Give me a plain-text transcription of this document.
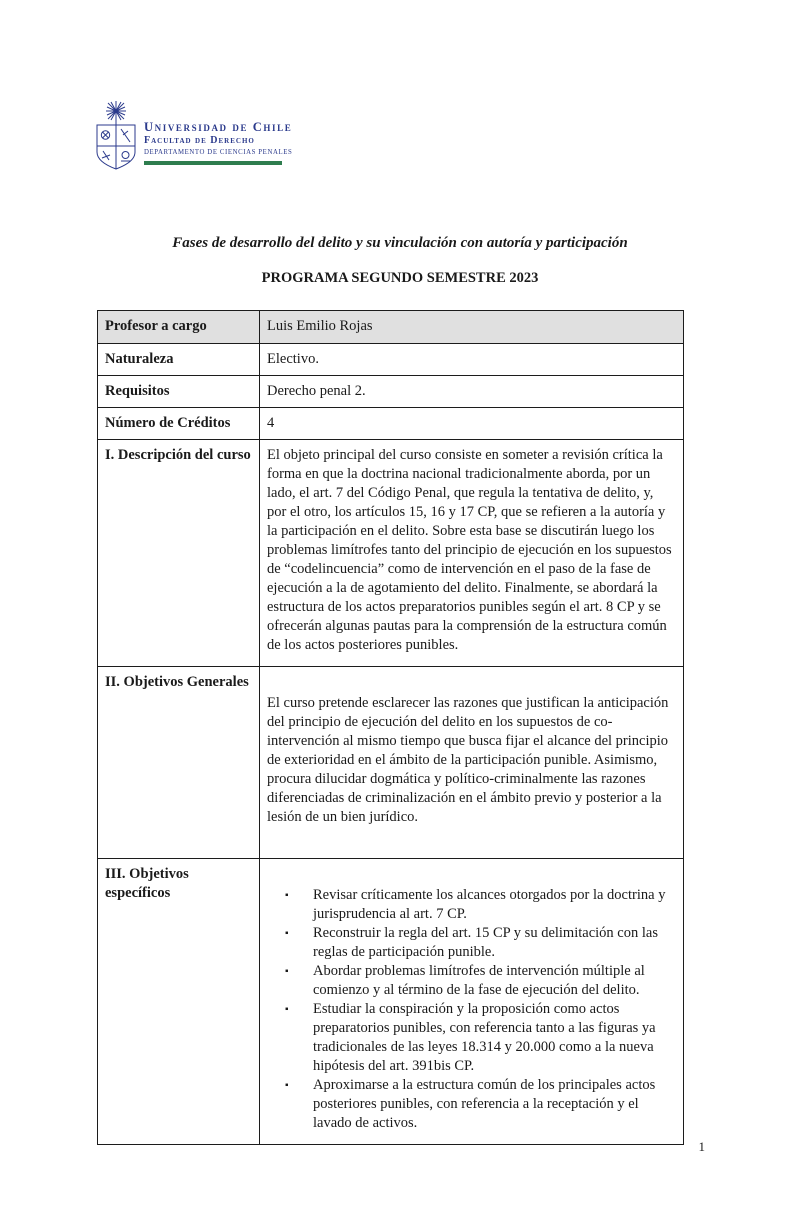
Universidad de Chile
Facultad de Derecho
DEPARTAMENTO DE CIENCIAS PENALES
Fases de desarrollo del delito y su vinculación con autoría y participación
PROGRAMA SEGUNDO SEMESTRE 2023
Profesor a cargo	Luis Emilio Rojas
Naturaleza	Electivo.
Requisitos	Derecho penal 2.
Número de Créditos	4
I. Descripción del curso	El objeto principal del curso consiste en someter a revisión crítica la forma en que la doctrina nacional tradicionalmente aborda, por un lado, el art. 7 del Código Penal, que regula la tentativa de delito, y, por el otro, los artículos 15, 16 y 17 CP, que se refieren a la autoría y la participación en el delito. Sobre esta base se discutirán luego los problemas limítrofes tanto del principio de ejecución en los supuestos de “codelincuencia” como de intervención en el paso de la fase de ejecución a la de agotamiento del delito. Finalmente, se abordará la estructura de los actos preparatorios punibles según el art. 8 CP y se ofrecerán algunas pautas para la comprensión de la estructura común de los actos posteriores punibles.
II. Objetivos Generales	El curso pretende esclarecer las razones que justifican la anticipación del principio de ejecución del delito en los supuestos de co-intervención al mismo tiempo que busca fijar el alcance del principio de exterioridad en el ámbito de la participación punible. Asimismo, procura dilucidar dogmática y político-criminalmente las razones diferenciadas de criminalización en el ámbito previo y posterior a la lesión de un bien jurídico.
III. Objetivos específicos	
▪Revisar críticamente los alcances otorgados por la doctrina y jurisprudencia al art. 7 CP.
▪ Reconstruir la regla del art. 15 CP y su delimitación con las reglas de participación punible.
▪ Abordar problemas limítrofes de intervención múltiple al comienzo y al término de la fase de ejecución del delito.
▪ Estudiar la conspiración y la proposición como actos preparatorios punibles, con referencia tanto a las figuras ya tradicionales de las leyes 18.314 y 20.000 como a la nueva hipótesis del art. 391bis CP.
▪ Aproximarse a la estructura común de los principales actos posteriores punibles, con referencia a la receptación y el lavado de activos.
1
